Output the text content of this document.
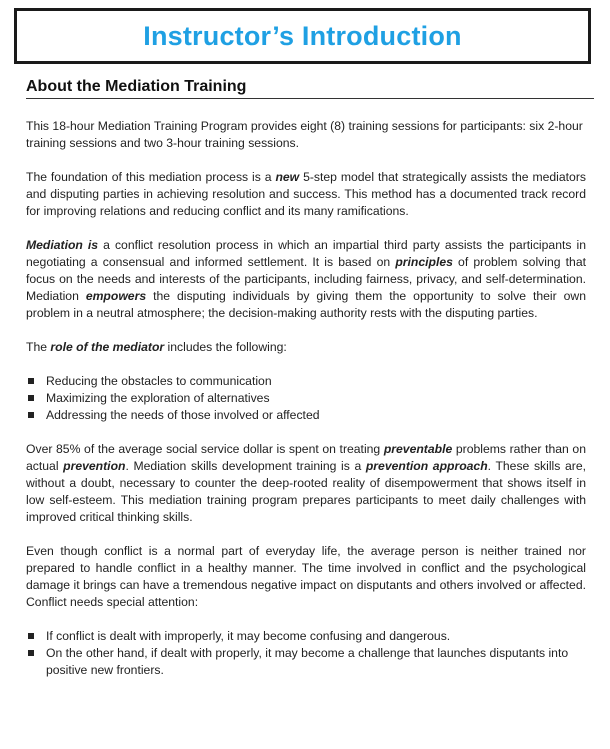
Instructor’s Introduction
About the Mediation Training

This 18-hour Mediation Training Program provides eight (8) training sessions for participants: six 2-hour training sessions and two 3-hour training sessions.

The foundation of this mediation process is a new 5-step model that strategically assists the mediators and disputing parties in achieving resolution and success. This method has a documented track record for improving relations and reducing conflict and its many ramifications.

Mediation is a conflict resolution process in which an impartial third party assists the participants in negotiating a consensual and informed settlement. It is based on principles of problem solving that focus on the needs and interests of the participants, including fairness, privacy, and self-determination. Mediation empowers the disputing individuals by giving them the opportunity to solve their own problem in a neutral atmosphere; the decision-making authority rests with the disputing parties.

The role of the mediator includes the following:

Reducing the obstacles to communication
Maximizing the exploration of alternatives
Addressing the needs of those involved or affected

Over 85% of the average social service dollar is spent on treating preventable problems rather than on actual prevention. Mediation skills development training is a prevention approach. These skills are, without a doubt, necessary to counter the deep-rooted reality of disempowerment that shows itself in low self-esteem. This mediation training program prepares participants to meet daily challenges with improved critical thinking skills.

Even though conflict is a normal part of everyday life, the average person is neither trained nor prepared to handle conflict in a healthy manner. The time involved in conflict and the psychological damage it brings can have a tremendous negative impact on disputants and others involved or affected. Conflict needs special attention:

If conflict is dealt with improperly, it may become confusing and dangerous.
On the other hand, if dealt with properly, it may become a challenge that launches disputants into positive new frontiers.
